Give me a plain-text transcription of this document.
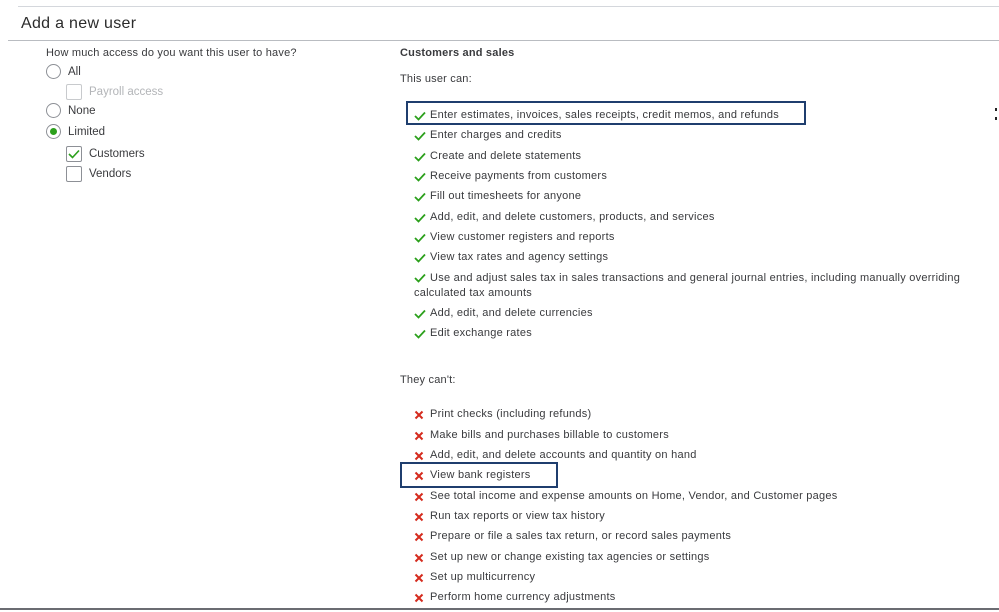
Add a new user
How much access do you want this user to have?
All
Payroll access
None
Limited
Customers
Vendors
Customers and sales
This user can:
Enter estimates, invoices, sales receipts, credit memos, and refunds
Enter charges and credits
Create and delete statements
Receive payments from customers
Fill out timesheets for anyone
Add, edit, and delete customers, products, and services
View customer registers and reports
View tax rates and agency settings
Use and adjust sales tax in sales transactions and general journal entries, including manually overriding calculated tax amounts
Add, edit, and delete currencies
Edit exchange rates
They can't:
Print checks (including refunds)
Make bills and purchases billable to customers
Add, edit, and delete accounts and quantity on hand
View bank registers
See total income and expense amounts on Home, Vendor, and Customer pages
Run tax reports or view tax history
Prepare or file a sales tax return, or record sales payments
Set up new or change existing tax agencies or settings
Set up multicurrency
Perform home currency adjustments
